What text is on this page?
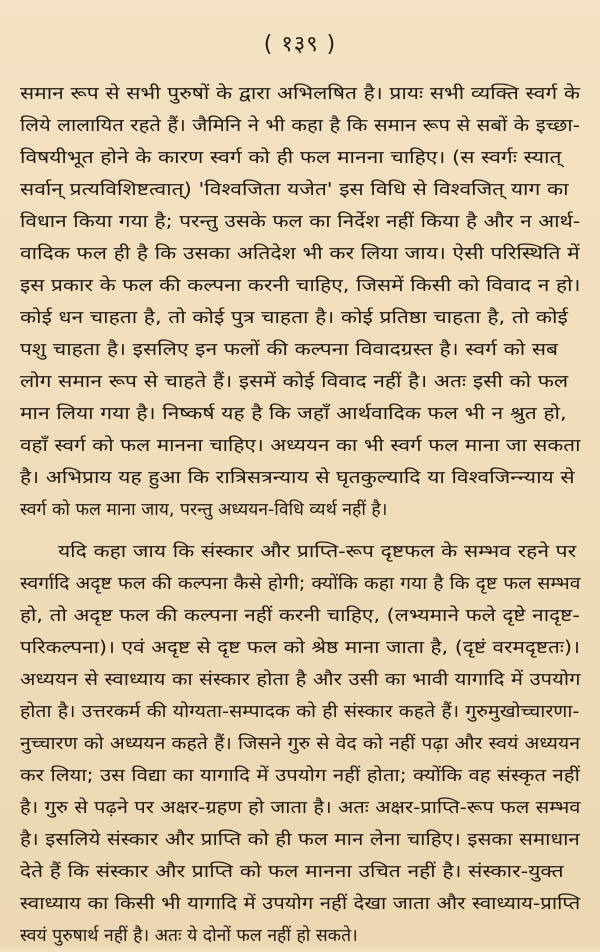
( १३९ )
समान रूप से सभी पुरुषों के द्वारा अभिलषित है। प्रायः सभी व्यक्ति स्वर्ग के
लिये लालायित रहते हैं। जैमिनि ने भी कहा है कि समान रूप से सबों के इच्छा-
विषयीभूत होने के कारण स्वर्ग को ही फल मानना चाहिए। (स स्वर्गः स्यात्
सर्वान् प्रत्यविशिष्टत्वात्) 'विश्वजिता यजेत' इस विधि से विश्वजित् याग का
विधान किया गया है; परन्तु उसके फल का निर्देश नहीं किया है और न आर्थ-
वादिक फल ही है कि उसका अतिदेश भी कर लिया जाय। ऐसी परिस्थिति में
इस प्रकार के फल की कल्पना करनी चाहिए, जिसमें किसी को विवाद न हो।
कोई धन चाहता है, तो कोई पुत्र चाहता है। कोई प्रतिष्ठा चाहता है, तो कोई
पशु चाहता है। इसलिए इन फलों की कल्पना विवादग्रस्त है। स्वर्ग को सब
लोग समान रूप से चाहते हैं। इसमें कोई विवाद नहीं है। अतः इसी को फल
मान लिया गया है। निष्कर्ष यह है कि जहाँ आर्थवादिक फल भी न श्रुत हो,
वहाँ स्वर्ग को फल मानना चाहिए। अध्ययन का भी स्वर्ग फल माना जा सकता
है। अभिप्राय यह हुआ कि रात्रिसत्रन्याय से घृतकुल्यादि या विश्वजिन्न्याय से
स्वर्ग को फल माना जाय, परन्तु अध्ययन-विधि व्यर्थ नहीं है।
यदि कहा जाय कि संस्कार और प्राप्ति-रूप दृष्टफल के सम्भव रहने पर
स्वर्गादि अदृष्ट फल की कल्पना कैसे होगी; क्योंकि कहा गया है कि दृष्ट फल सम्भव
हो, तो अदृष्ट फल की कल्पना नहीं करनी चाहिए, (लभ्यमाने फले दृष्टे नादृष्ट-
परिकल्पना)। एवं अदृष्ट से दृष्ट फल को श्रेष्ठ माना जाता है, (दृष्टं वरमदृष्टतः)।
अध्ययन से स्वाध्याय का संस्कार होता है और उसी का भावी यागादि में उपयोग
होता है। उत्तरकर्म की योग्यता-सम्पादक को ही संस्कार कहते हैं। गुरुमुखोच्चारणा-
नुच्चारण को अध्ययन कहते हैं। जिसने गुरु से वेद को नहीं पढ़ा और स्वयं अध्ययन
कर लिया; उस विद्या का यागादि में उपयोग नहीं होता; क्योंकि वह संस्कृत नहीं
है। गुरु से पढ़ने पर अक्षर-ग्रहण हो जाता है। अतः अक्षर-प्राप्ति-रूप फल सम्भव
है। इसलिये संस्कार और प्राप्ति को ही फल मान लेना चाहिए। इसका समाधान
देते हैं कि संस्कार और प्राप्ति को फल मानना उचित नहीं है। संस्कार-युक्त
स्वाध्याय का किसी भी यागादि में उपयोग नहीं देखा जाता और स्वाध्याय-प्राप्ति
स्वयं पुरुषार्थ नहीं है। अतः ये दोनों फल नहीं हो सकते।
